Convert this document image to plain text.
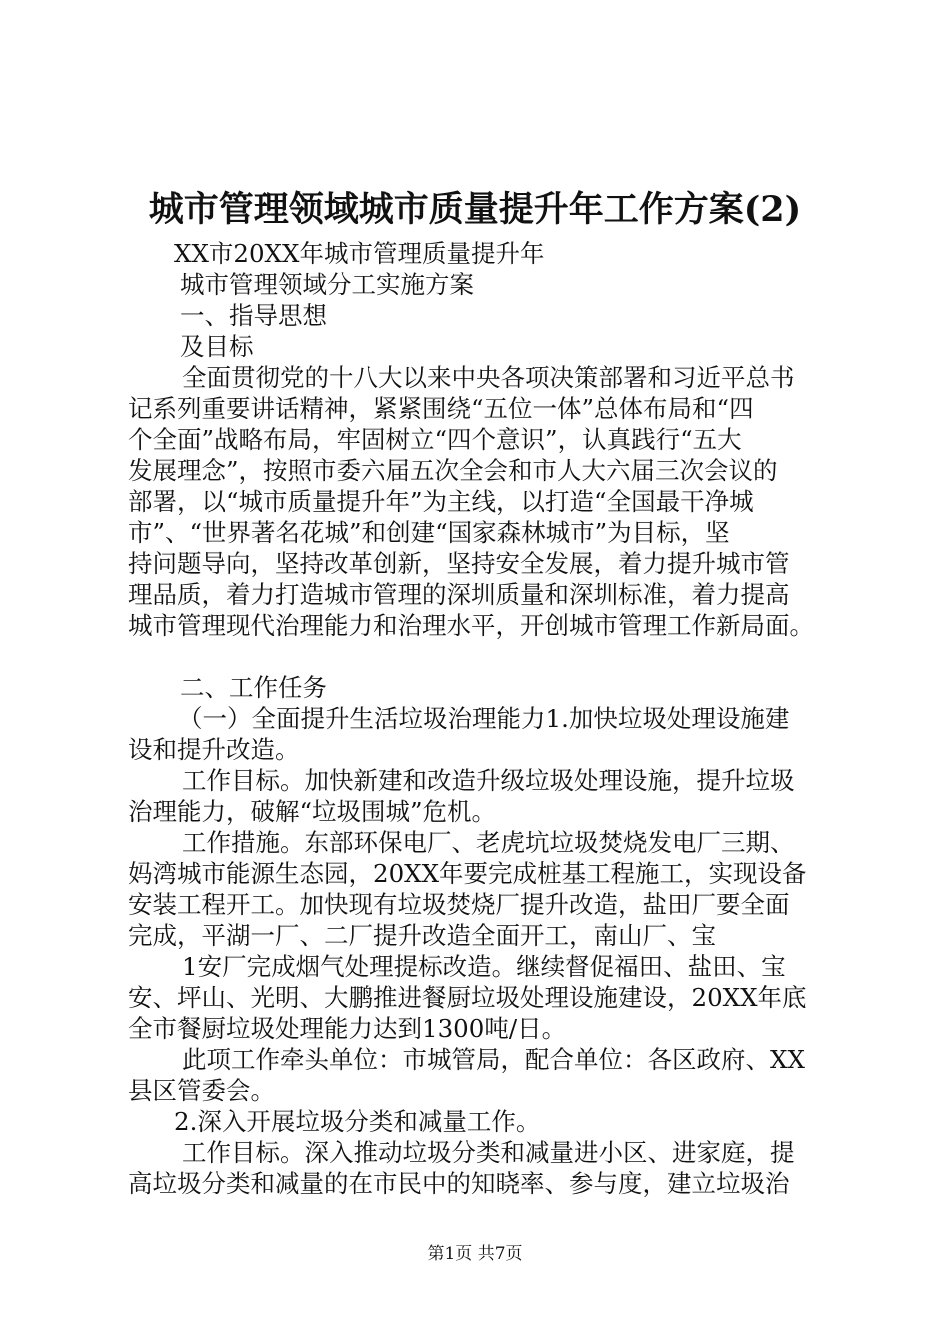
城市管理领域城市质量提升年工作方案(2)
XX市20XX年城市管理质量提升年
城市管理领域分工实施方案
一、指导思想
及目标
全面贯彻党的十八大以来中央各项决策部署和习近平总书
记系列重要讲话精神，紧紧围绕“五位一体”总体布局和“四
个全面”战略布局，牢固树立“四个意识”，认真践行“五大
发展理念”，按照市委六届五次全会和市人大六届三次会议的
部署，以“城市质量提升年”为主线，以打造“全国最干净城
市”、“世界著名花城”和创建“国家森林城市”为目标，坚
持问题导向，坚持改革创新，坚持安全发展，着力提升城市管
理品质，着力打造城市管理的深圳质量和深圳标准，着力提高
城市管理现代治理能力和治理水平，开创城市管理工作新局面。
二、工作任务
（一）全面提升生活垃圾治理能力1.加快垃圾处理设施建
设和提升改造。
工作目标。加快新建和改造升级垃圾处理设施，提升垃圾
治理能力，破解“垃圾围城”危机。
工作措施。东部环保电厂、老虎坑垃圾焚烧发电厂三期、
妈湾城市能源生态园，20XX年要完成桩基工程施工，实现设备
安装工程开工。加快现有垃圾焚烧厂提升改造，盐田厂要全面
完成，平湖一厂、二厂提升改造全面开工，南山厂、宝
1安厂完成烟气处理提标改造。继续督促福田、盐田、宝
安、坪山、光明、大鹏推进餐厨垃圾处理设施建设，20XX年底
全市餐厨垃圾处理能力达到1300吨/日。
此项工作牵头单位：市城管局，配合单位：各区政府、XX
县区管委会。
2.深入开展垃圾分类和减量工作。
工作目标。深入推动垃圾分类和减量进小区、进家庭，提
高垃圾分类和减量的在市民中的知晓率、参与度，建立垃圾治
第1页 共7页
